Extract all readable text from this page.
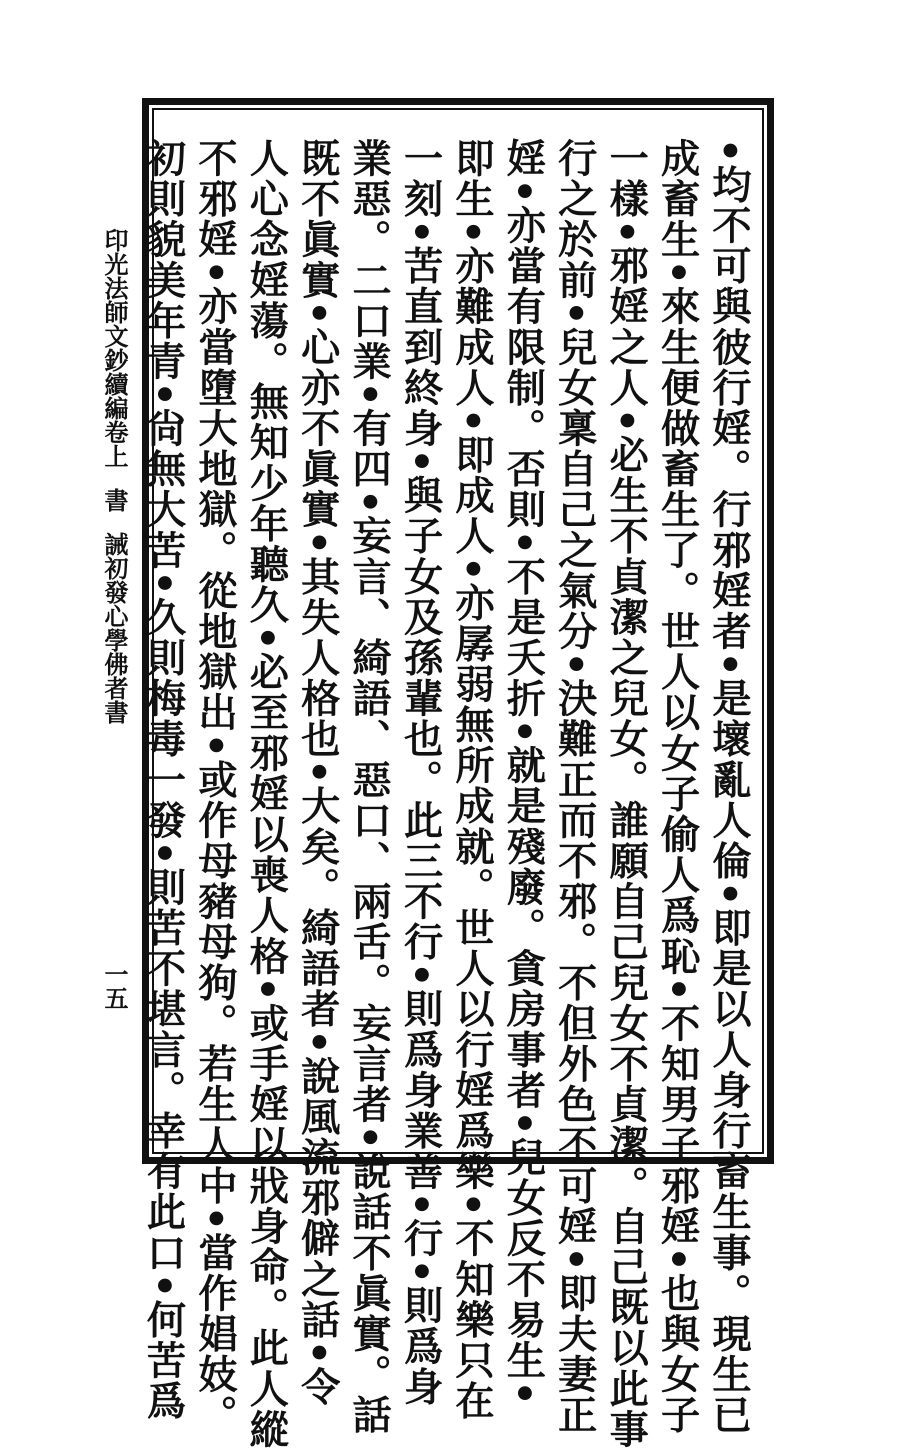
•均不可與彼行婬。行邪婬者•是壞亂人倫•即是以人身行畜生事。現生已
成畜生•來生便做畜生了。世人以女子偷人爲恥•不知男子邪婬•也與女子
一樣•邪婬之人•必生不貞潔之兒女。誰願自己兒女不貞潔。自己既以此事
行之於前•兒女稟自己之氣分•決難正而不邪。不但外色不可婬•即夫妻正
婬•亦當有限制。否則•不是夭折•就是殘廢。貪房事者•兒女反不易生•
即生•亦難成人•即成人•亦孱弱無所成就。世人以行婬爲樂•不知樂只在
一刻•苦直到終身•與子女及孫輩也。此三不行•則爲身業善•行•則爲身
業惡。二口業•有四•妄言、綺語、惡口、兩舌。妄言者•說話不眞實。話
既不眞實•心亦不眞實•其失人格也•大矣。綺語者•說風流邪僻之話•令
人心念婬蕩。無知少年聽久•必至邪婬以喪人格•或手婬以戕身命。此人縱
不邪婬•亦當墮大地獄。從地獄出•或作母豬母狗。若生人中•當作娼妓。
初則貌美年青•尙無大苦•久則梅毒一發•則苦不堪言。幸有此口•何苦爲
印光法師文鈔續編卷上書誡初發心學佛者書
一五
